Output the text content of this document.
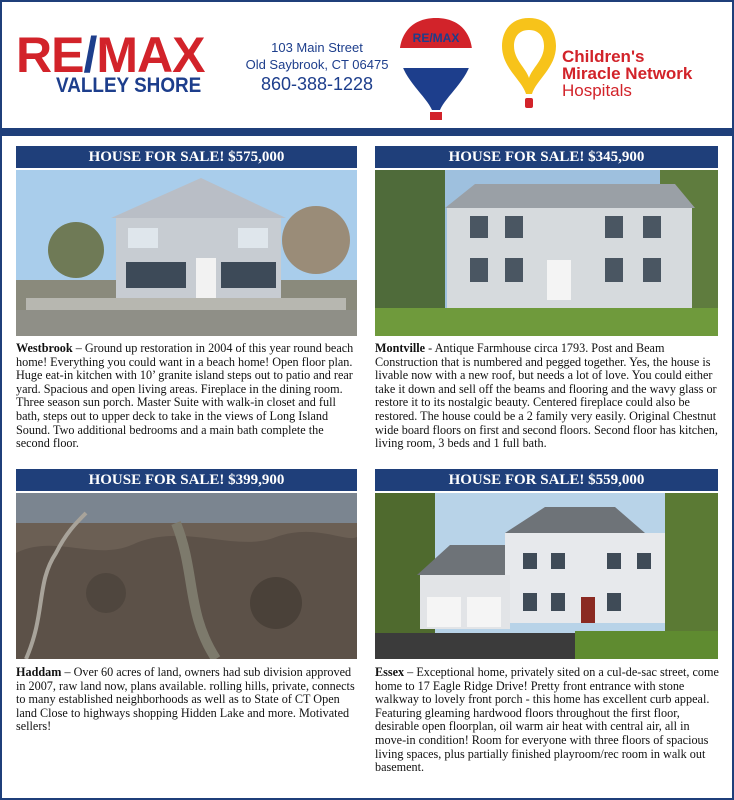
RE/MAX
VALLEY SHORE
103 Main Street
Old Saybrook, CT 06475
860-388-1228
RE/MAX
Children's
Miracle Network
Hospitals
HOUSE FOR SALE! $575,000
Westbrook – Ground up restoration in 2004 of this year round beach home! Everything you could want in a beach home! Open floor plan. Huge eat-in kitchen with 10’ granite island steps out to patio and rear yard. Spacious and open living areas. Fireplace in the dining room. Three season sun porch. Master Suite with walk-in closet and full bath, steps out to upper deck to take in the views of Long Island Sound. Two additional bedrooms and a main bath complete the second floor.
HOUSE FOR SALE! $345,900
Montville - Antique Farmhouse circa 1793. Post and Beam Construction that is numbered and pegged together. Yes, the house is livable now with a new roof, but needs a lot of love. You could either take it down and sell off the beams and flooring and the wavy glass or restore it to its nostalgic beauty. Centered fireplace could also be restored. The house could be a 2 family very easily. Original Chestnut wide board floors on first and second floors. Second floor has kitchen, living room, 3 beds and 1 full bath.
HOUSE FOR SALE! $399,900
Haddam – Over 60 acres of land, owners had sub division approved in 2007, raw land now, plans available. rolling hills, private, connects to many established neighborhoods as well as to State of CT Open land Close to highways shopping Hidden Lake and more. Motivated sellers!
HOUSE FOR SALE! $559,000
Essex – Exceptional home, privately sited on a cul-de-sac street, come home to 17 Eagle Ridge Drive! Pretty front entrance with stone walkway to lovely front porch - this home has excellent curb appeal. Featuring gleaming hardwood floors throughout the first floor, desirable open floorplan, oil warm air heat with central air, all in move-in condition! Room for everyone with three floors of spacious living spaces, plus partially finished playroom/rec room in walk out basement.
